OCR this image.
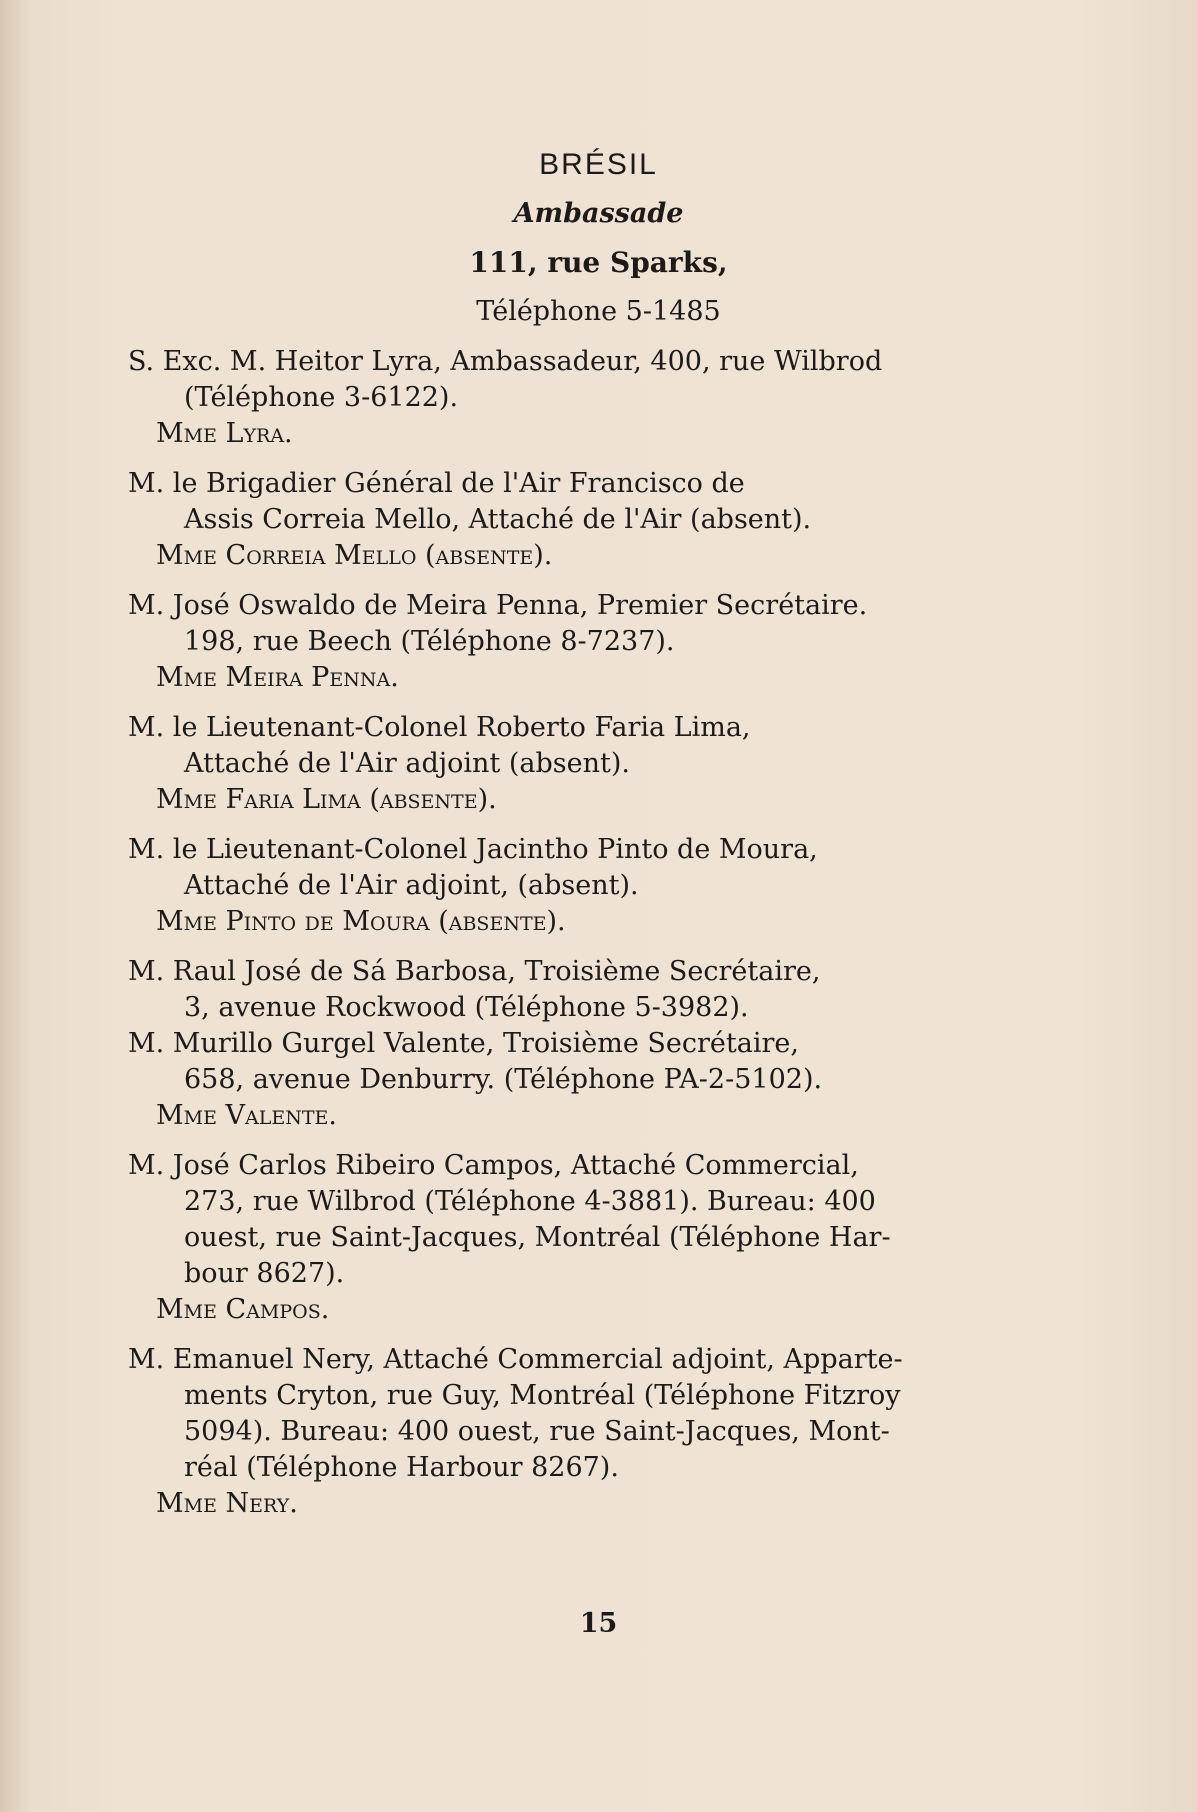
BRÉSIL
Ambassade
111, rue Sparks,
Téléphone 5-1485
S. Exc. M. Heitor Lyra, Ambassadeur, 400, rue Wilbrod
(Téléphone 3-6122).
Mme Lyra.
M. le Brigadier Général de l'Air Francisco de
Assis Correia Mello, Attaché de l'Air (absent).
Mme Correia Mello (absente).
M. José Oswaldo de Meira Penna, Premier Secrétaire.
198, rue Beech (Téléphone 8-7237).
Mme Meira Penna.
M. le Lieutenant-Colonel Roberto Faria Lima,
Attaché de l'Air adjoint (absent).
Mme Faria Lima (absente).
M. le Lieutenant-Colonel Jacintho Pinto de Moura,
Attaché de l'Air adjoint, (absent).
Mme Pinto de Moura (absente).
M. Raul José de Sá Barbosa, Troisième Secrétaire,
3, avenue Rockwood (Téléphone 5-3982).
M. Murillo Gurgel Valente, Troisième Secrétaire,
658, avenue Denburry. (Téléphone PA-2-5102).
Mme Valente.
M. José Carlos Ribeiro Campos, Attaché Commercial,
273, rue Wilbrod (Téléphone 4-3881). Bureau: 400
ouest, rue Saint-Jacques, Montréal (Téléphone Har-
bour 8627).
Mme Campos.
M. Emanuel Nery, Attaché Commercial adjoint, Apparte-
ments Cryton, rue Guy, Montréal (Téléphone Fitzroy
5094). Bureau: 400 ouest, rue Saint-Jacques, Mont-
réal (Téléphone Harbour 8267).
Mme Nery.
15
